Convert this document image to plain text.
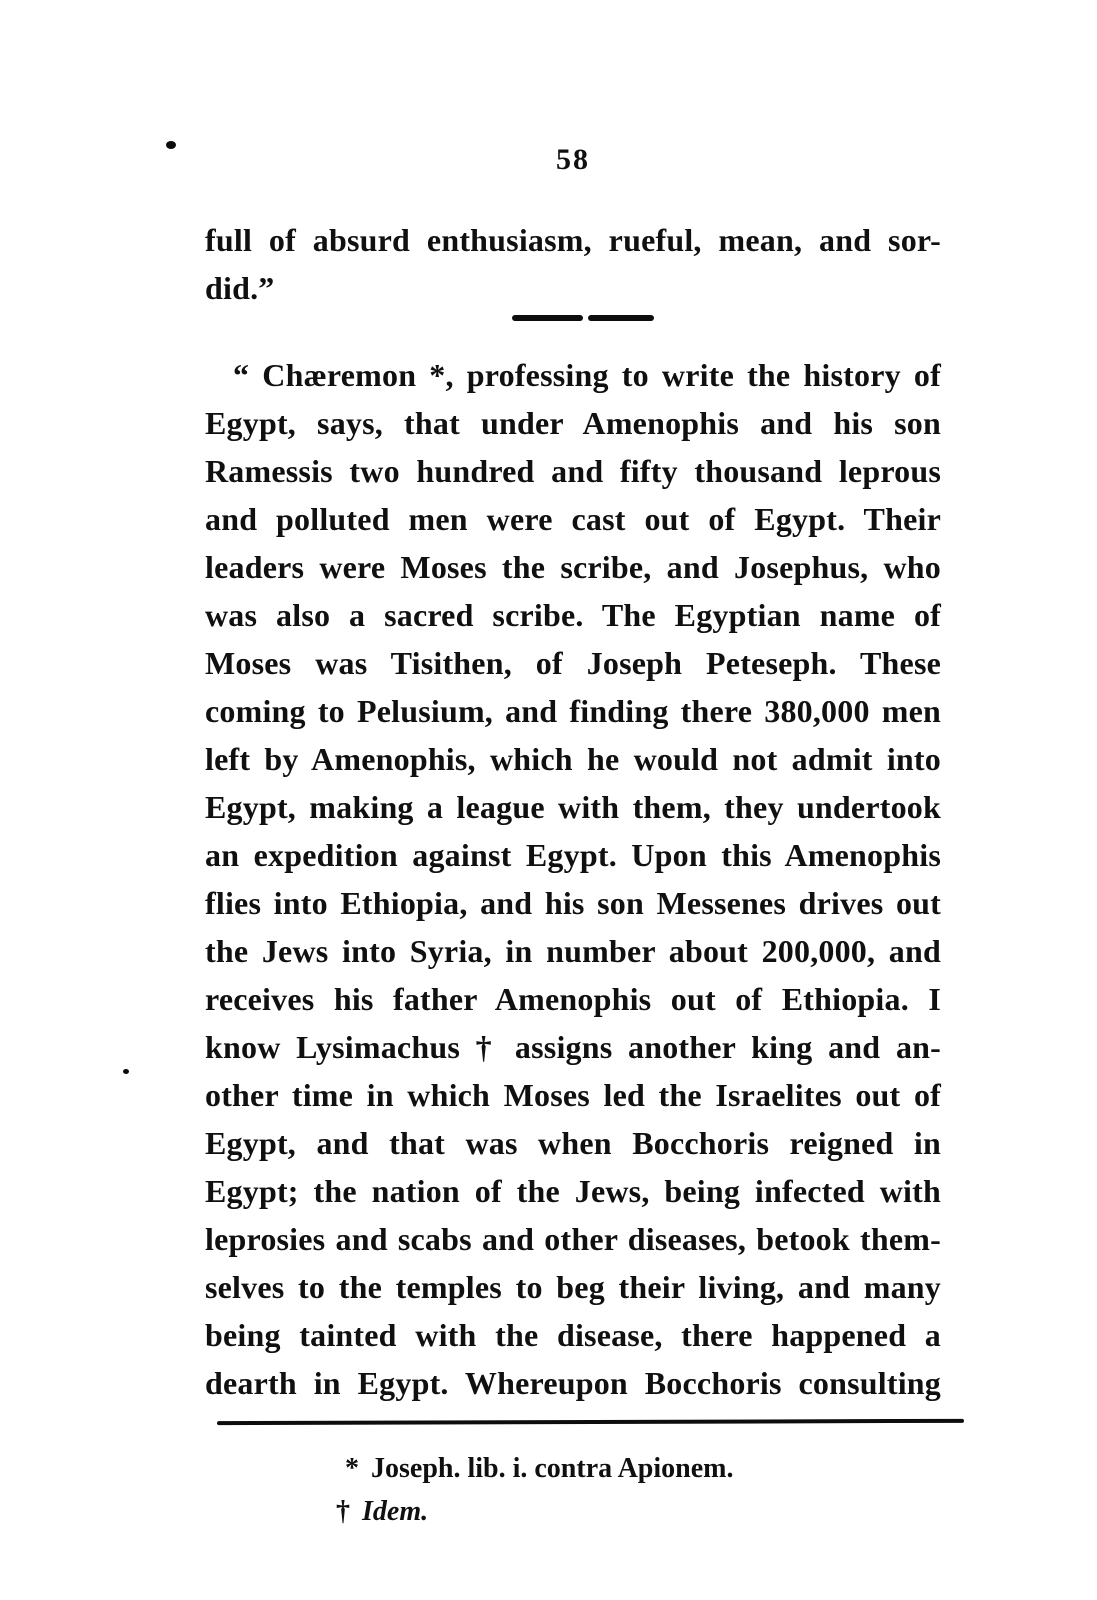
58
full of absurd enthusiasm, rueful, mean, and sor-
did.”
“ Chæremon *, professing to write the history of
Egypt, says, that under Amenophis and his son
Ramessis two hundred and fifty thousand leprous
and polluted men were cast out of Egypt. Their
leaders were Moses the scribe, and Josephus, who
was also a sacred scribe. The Egyptian name of
Moses was Tisithen, of Joseph Peteseph. These
coming to Pelusium, and finding there 380,000 men
left by Amenophis, which he would not admit into
Egypt, making a league with them, they undertook
an expedition against Egypt. Upon this Amenophis
flies into Ethiopia, and his son Messenes drives out
the Jews into Syria, in number about 200,000, and
receives his father Amenophis out of Ethiopia. I
know Lysimachus † assigns another king and an-
other time in which Moses led the Israelites out of
Egypt, and that was when Bocchoris reigned in
Egypt; the nation of the Jews, being infected with
leprosies and scabs and other diseases, betook them-
selves to the temples to beg their living, and many
being tainted with the disease, there happened a
dearth in Egypt. Whereupon Bocchoris consulting
* Joseph. lib. i. contra Apionem.
† Idem.
